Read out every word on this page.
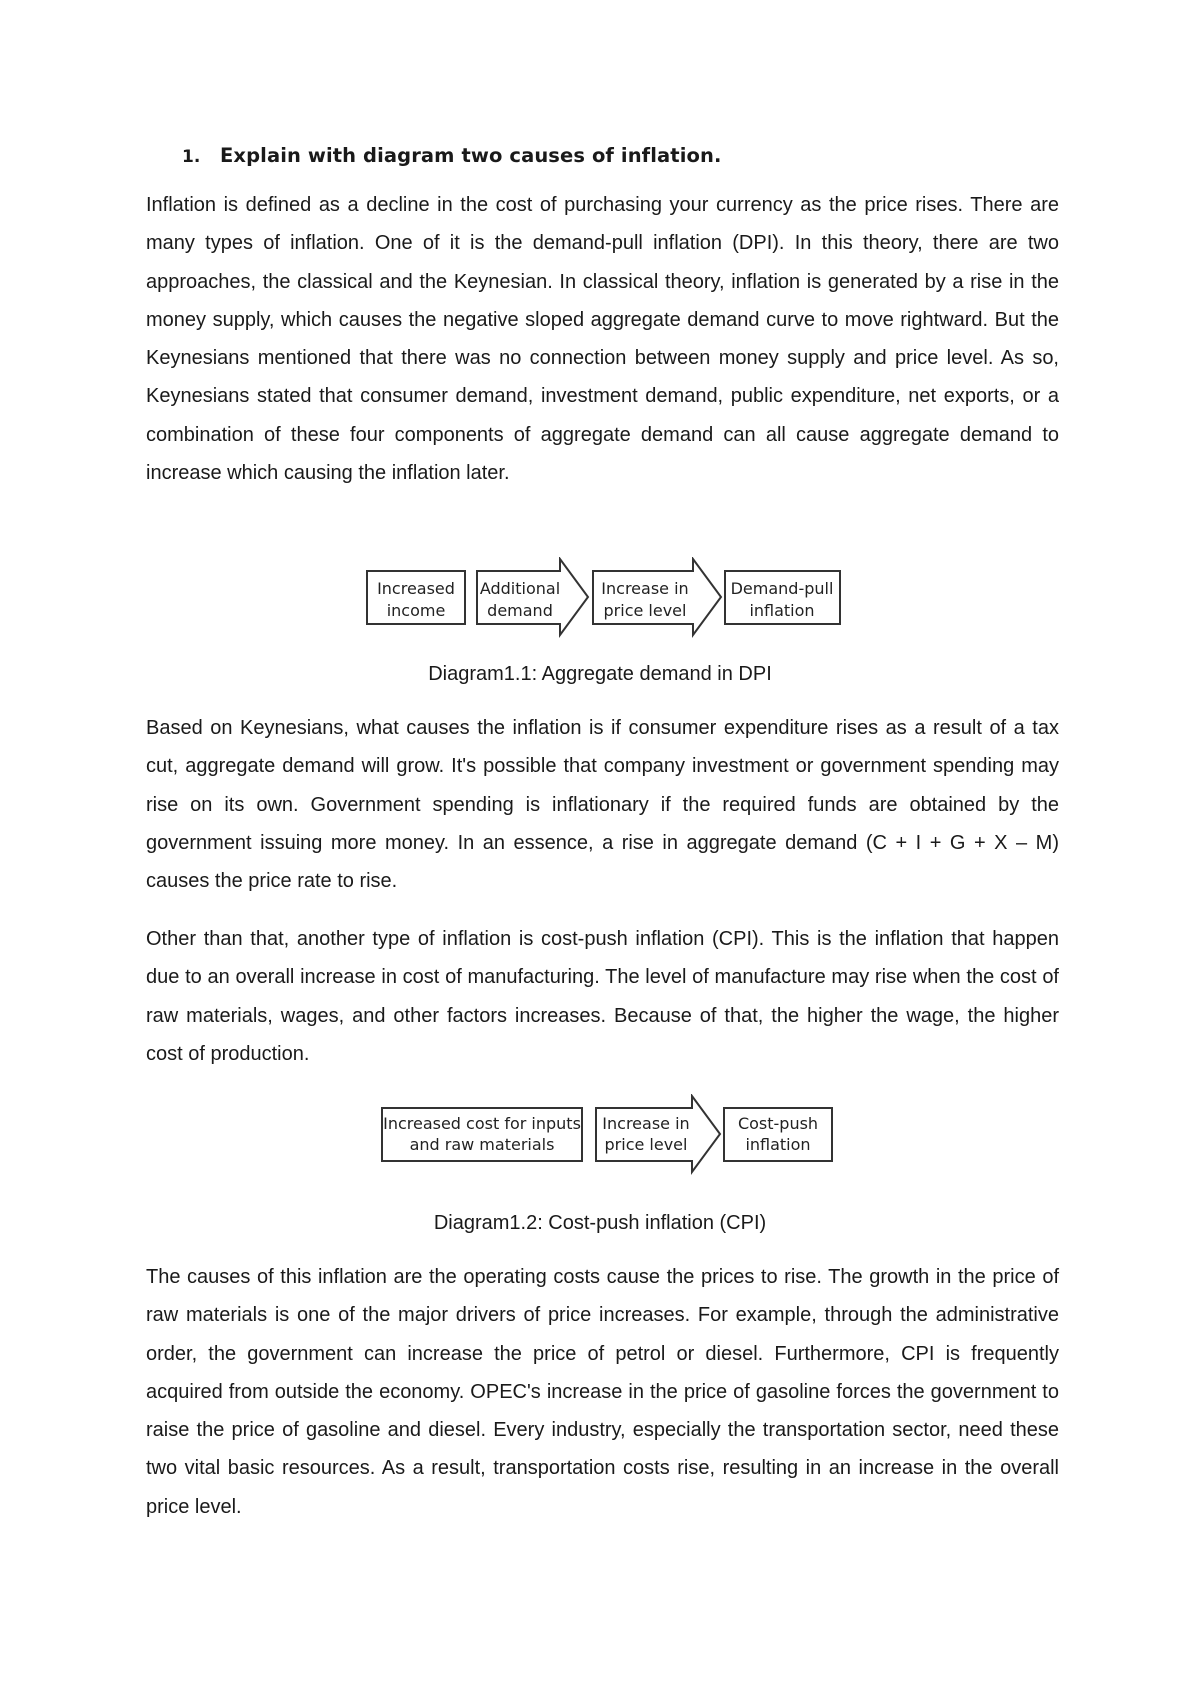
1. Explain with diagram two causes of inflation.

Inflation is defined as a decline in the cost of purchasing your currency as the price rises. There are many types of inflation. One of it is the demand-pull inflation (DPI). In this theory, there are two approaches, the classical and the Keynesian. In classical theory, inflation is generated by a rise in the money supply, which causes the negative sloped aggregate demand curve to move rightward. But the Keynesians mentioned that there was no connection between money supply and price level. As so, Keynesians stated that consumer demand, investment demand, public expenditure, net exports, or a combination of these four components of aggregate demand can all cause aggregate demand to increase which causing the inflation later.

Increased
income
Additional
demand
Increase in
price level
Demand-pull
inflation
Diagram1.1: Aggregate demand in DPI

Based on Keynesians, what causes the inflation is if consumer expenditure rises as a result of a tax cut, aggregate demand will grow. It's possible that company investment or government spending may rise on its own. Government spending is inflationary if the required funds are obtained by the government issuing more money. In an essence, a rise in aggregate demand (C + I + G + X – M) causes the price rate to rise.

Other than that, another type of inflation is cost-push inflation (CPI). This is the inflation that happen due to an overall increase in cost of manufacturing. The level of manufacture may rise when the cost of raw materials, wages, and other factors increases. Because of that, the higher the wage, the higher cost of production.

Increased cost for inputs
and raw materials
Increase in
price level
Cost-push
inflation
Diagram1.2: Cost-push inflation (CPI)

The causes of this inflation are the operating costs cause the prices to rise. The growth in the price of raw materials is one of the major drivers of price increases. For example, through the administrative order, the government can increase the price of petrol or diesel. Furthermore, CPI is frequently acquired from outside the economy. OPEC's increase in the price of gasoline forces the government to raise the price of gasoline and diesel. Every industry, especially the transportation sector, need these two vital basic resources. As a result, transportation costs rise, resulting in an increase in the overall price level.
